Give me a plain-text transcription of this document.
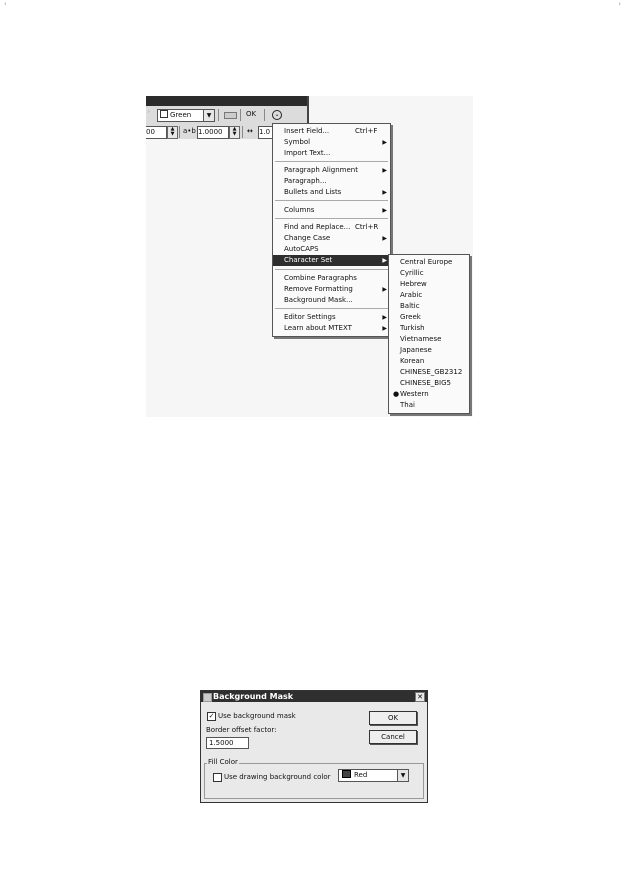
'	'
ʾ	Green	▼	OK	⌄
00	▲
▼	a•b 1.0000	▲
▼	↔ 1.0	Insert Field...	Ctrl+F
Symbol	▶
Import Text...
Paragraph Alignment	▶
Paragraph...
Bullets and Lists	▶
Columns	▶
Find and Replace... Ctrl+R
Change Case	▶
AutoCAPS
Character Set	▶
Combine Paragraphs
Remove Formatting	▶
Background Mask...
Editor Settings	▶
Learn about MTEXT	▶
Central Europe
Cyrillic
Hebrew
Arabic
Baltic
Greek
Turkish
Vietnamese
Japanese
Korean
CHINESE_GB2312
CHINESE_BIG5
● Western
Thai
Background Mask	✕
✓ Use background mask
Border offset factor:
1.5000
OK
Cancel
Fill Color
Use drawing background color	Red	▼
